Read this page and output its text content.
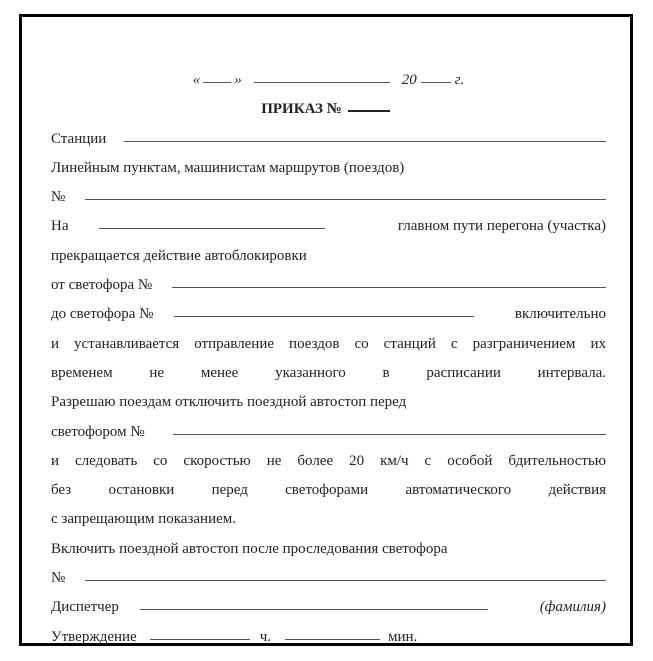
« »	20	г.
ПРИКАЗ №
Станции
Линейным пунктам, машинистам маршрутов (поездов)
№
На	главном пути перегона (участка)
прекращается действие автоблокировки
от светофора №
до светофора №	включительно
и устанавливается отправление поездов со станций с разграничением их
временем не менее указанного в расписании интервала.
Разрешаю поездам отключить поездной автостоп перед
светофором №
и следовать со скоростью не более 20 км/ч с особой бдительностью
без остановки перед светофорами автоматического действия
с запрещающим показанием.
Включить поездной автостоп после проследования светофора
№
Диспетчер	(фамилия)
Утверждение	ч.	мин.
